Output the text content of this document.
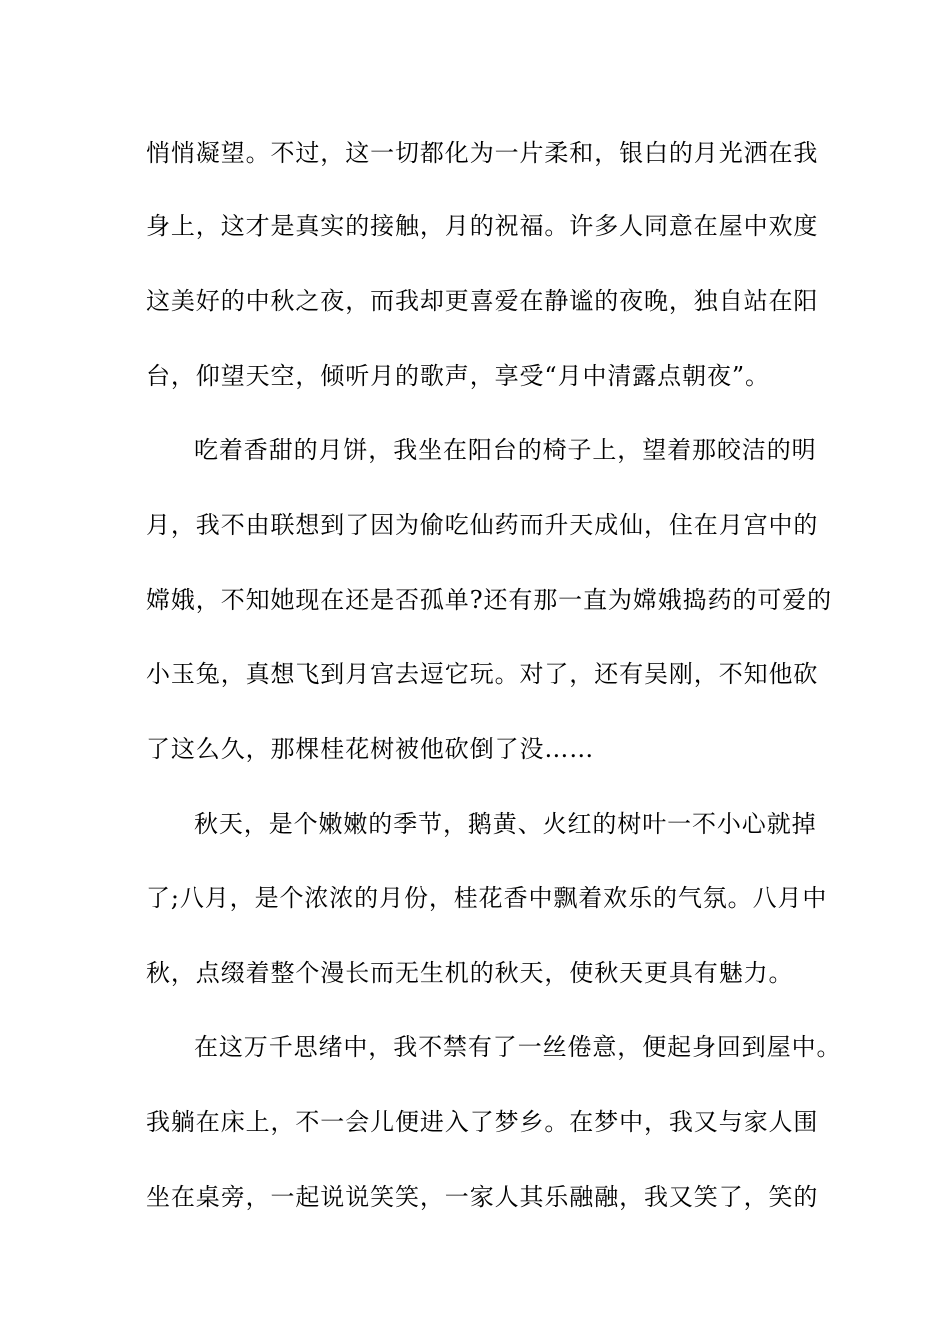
悄悄凝望。不过，这一切都化为一片柔和，银白的月光洒在我
身上，这才是真实的接触，月的祝福。许多人同意在屋中欢度
这美好的中秋之夜，而我却更喜爱在静谧的夜晚，独自站在阳
台，仰望天空，倾听月的歌声，享受“月中清露点朝夜”。
吃着香甜的月饼，我坐在阳台的椅子上，望着那皎洁的明
月，我不由联想到了因为偷吃仙药而升天成仙，住在月宫中的
嫦娥，不知她现在还是否孤单?还有那一直为嫦娥捣药的可爱的
小玉兔，真想飞到月宫去逗它玩。对了，还有吴刚，不知他砍
了这么久，那棵桂花树被他砍倒了没……
秋天，是个嫩嫩的季节，鹅黄、火红的树叶一不小心就掉
了;八月，是个浓浓的月份，桂花香中飘着欢乐的气氛。八月中
秋，点缀着整个漫长而无生机的秋天，使秋天更具有魅力。
在这万千思绪中，我不禁有了一丝倦意，便起身回到屋中。
我躺在床上，不一会儿便进入了梦乡。在梦中，我又与家人围
坐在桌旁，一起说说笑笑，一家人其乐融融，我又笑了，笑的
